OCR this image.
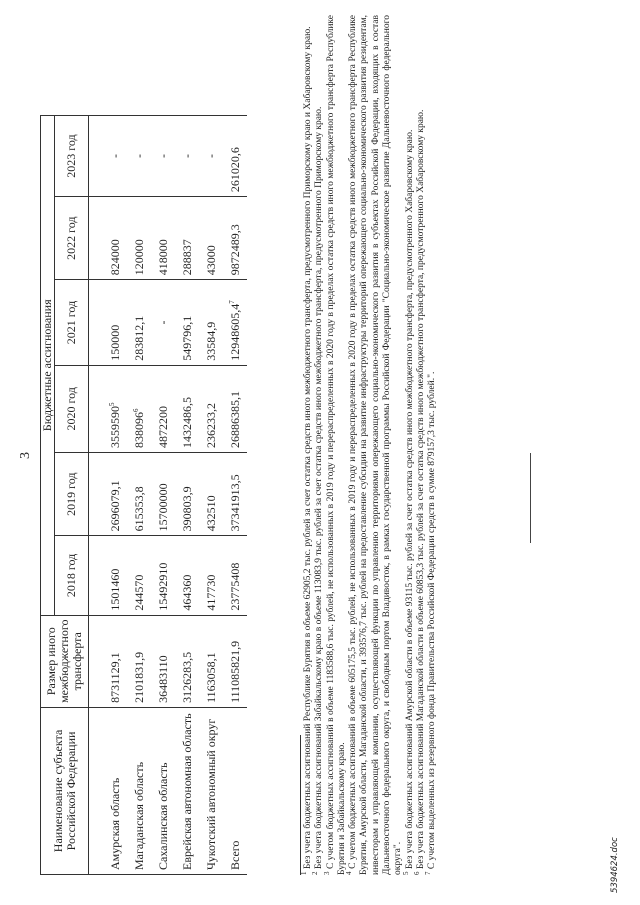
3
Наименование субъекта Российской Федерации	Размер иного межбюджетного трансферта	Бюджетные ассигнования					
		2018 год	2019 год	2020 год	2021 год	2022 год	2023 год
Амурская область	8731129,1	1501460	2696079,1	3559590$^5$	150000	824000	-
Магаданская область	2101831,9	244570	615353,8	838096$^6$	283812,1	120000	-
Сахалинская область	36483110	15492910	15700000	4872200	-	418000	-
Еврейская автономная область	3126283,5	464360	390803,9	1432486,5	549796,1	288837	-
Чукотский автономный округ	1163058,1	417730	432510	236233,2	33584,9	43000	-
Всего	111085821,9	23775408	37341913,5	26886385,1	12948605,4$^7$	9872489,3	261020,6

$^1$ Без учета бюджетных ассигнований Республике Бурятия в объеме 62905,2 тыс. рублей за счет остатка средств иного межбюджетного трансферта, предусмотренного Приморскому краю и Хабаровскому краю.

$^2$ Без учета бюджетных ассигнований Забайкальскому краю в объеме 113083,9 тыс. рублей за счет остатка средств иного межбюджетного трансферта, предусмотренного Приморскому краю.

$^3$ С учетом бюджетных ассигнований в объеме 1183588,6 тыс. рублей, не использованных в 2019 году и перераспределенных в 2020 году в пределах остатка средств иного межбюджетного трансферта Республике Бурятия и Забайкальскому краю.

$^4$ С учетом бюджетных ассигнований в объеме 605175,5 тыс. рублей, не использованных в 2019 году и перераспределенных в 2020 году в пределах остатка средств иного межбюджетного трансферта Республике Бурятия, Амурской области, Магаданской области, и 393576,7 тыс. рублей на предоставление субсидии на развитие инфраструктуры территорий опережающего социально-экономического развития резидентам, инвесторам и управляющей компании, осуществляющей функции по управлению территориями опережающего социально-экономического развития в субъектах Российской Федерации, входящих в состав Дальневосточного федерального округа, и свободным портом Владивосток, в рамках государственной программы Российской Федерации "Социально-экономическое развитие Дальневосточного федерального округа".

$^5$ Без учета бюджетных ассигнований Амурской области в объеме 93115 тыс. рублей за счет остатка средств иного межбюджетного трансферта, предусмотренного Хабаровскому краю.

$^6$ Без учета бюджетных ассигнований Магаданской области в объеме 60853,3 тыс. рублей за счет остатка средств иного межбюджетного трансферта, предусмотренного Хабаровскому краю.

$^7$ С учетом выделенных из резервного фонда Правительства Российской Федерации средств в сумме 879157,3 тыс. рублей.".	5394624.doc
